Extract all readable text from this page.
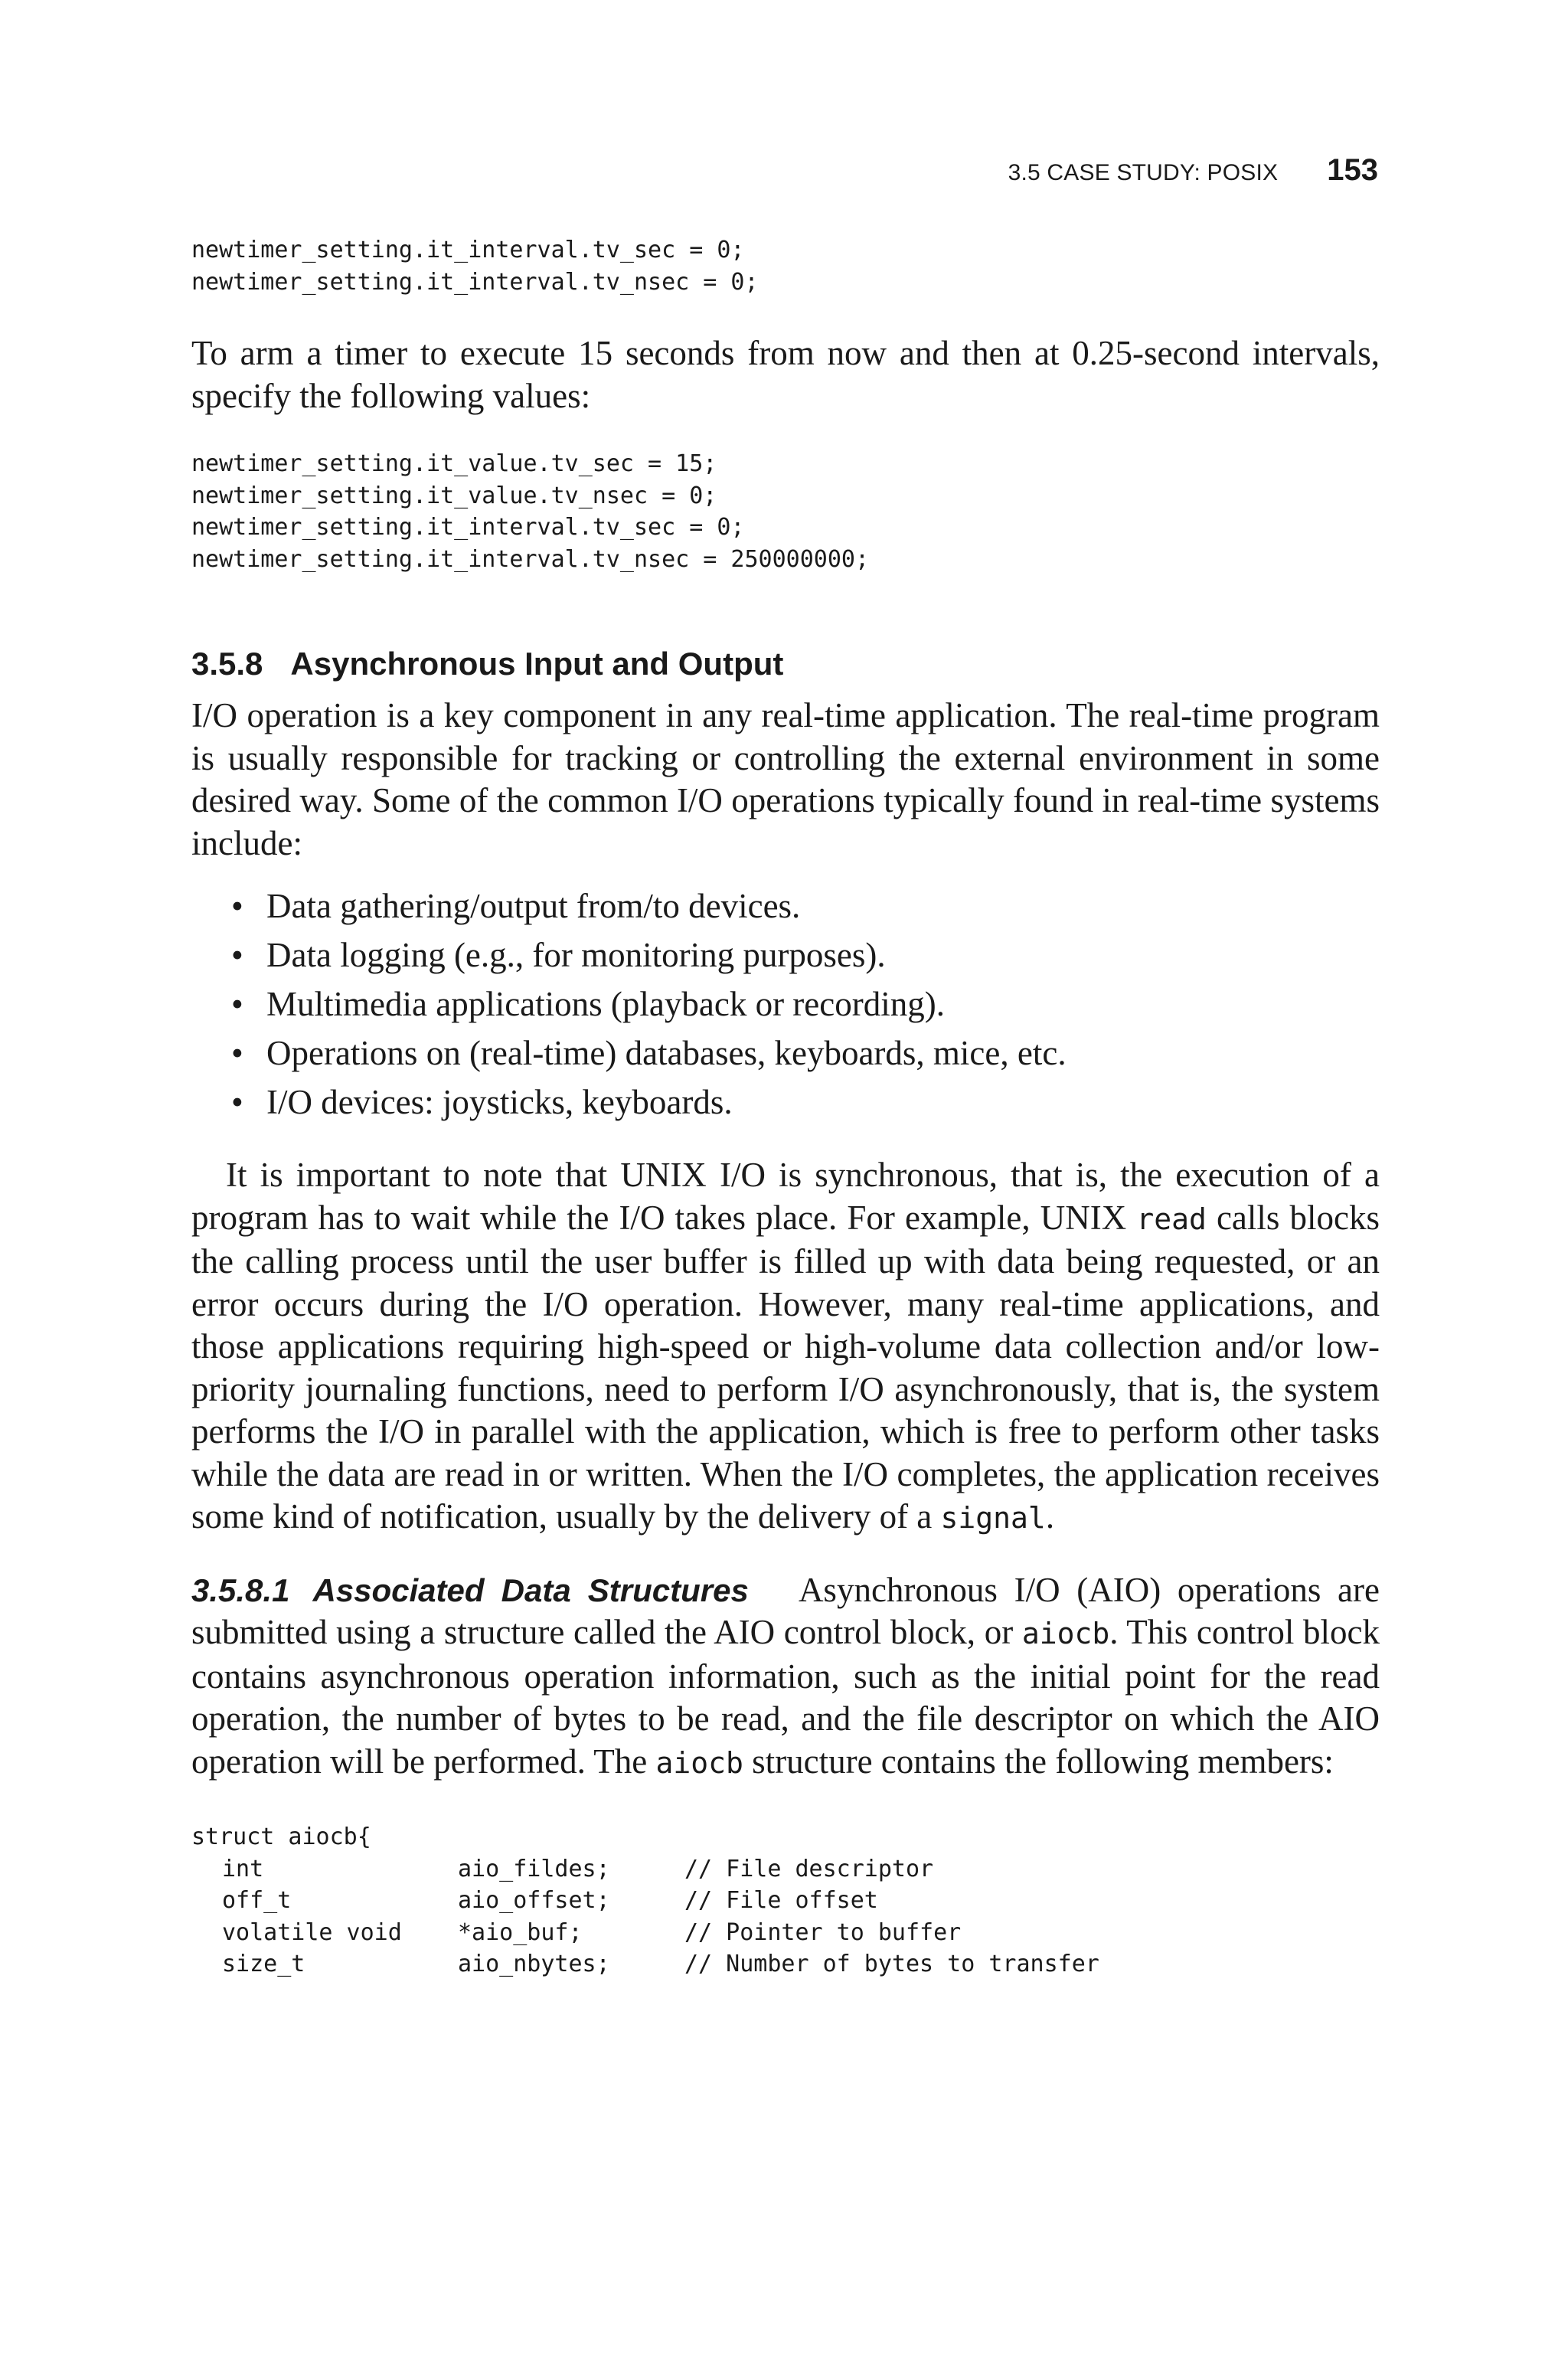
3.5 CASE STUDY: POSIX 153
newtimer_setting.it_interval.tv_sec = 0;
newtimer_setting.it_interval.tv_nsec = 0;

To arm a timer to execute 15 seconds from now and then at 0.25-second intervals, specify the following values:

newtimer_setting.it_value.tv_sec = 15;
newtimer_setting.it_value.tv_nsec = 0;
newtimer_setting.it_interval.tv_sec = 0;
newtimer_setting.it_interval.tv_nsec = 250000000;
3.5.8 Asynchronous Input and Output

I/O operation is a key component in any real-time application. The real-time program is usually responsible for tracking or controlling the external environment in some desired way. Some of the common I/O operations typically found in real-time systems include:

• Data gathering/output from/to devices.
• Data logging (e.g., for monitoring purposes).
• Multimedia applications (playback or recording).
• Operations on (real-time) databases, keyboards, mice, etc.
• I/O devices: joysticks, keyboards.

It is important to note that UNIX I/O is synchronous, that is, the execution of a program has to wait while the I/O takes place. For example, UNIX read calls blocks the calling process until the user buffer is filled up with data being requested, or an error occurs during the I/O operation. However, many real-time applications, and those applications requiring high-speed or high-volume data collection and/or low-priority journaling functions, need to perform I/O asynchronously, that is, the system performs the I/O in parallel with the application, which is free to perform other tasks while the data are read in or written. When the I/O completes, the application receives some kind of notification, usually by the delivery of a signal.

3.5.8.1 Associated Data Structures Asynchronous I/O (AIO) operations are submitted using a structure called the AIO control block, or aiocb. This control block contains asynchronous operation information, such as the initial point for the read operation, the number of bytes to be read, and the file descriptor on which the AIO operation will be performed. The aiocb structure contains the following members:

struct aiocb{
int	aio_fildes;	// File descriptor
off_t	aio_offset;	// File offset
volatile void	*aio_buf;	// Pointer to buffer
size_t	aio_nbytes;	// Number of bytes to transfer
